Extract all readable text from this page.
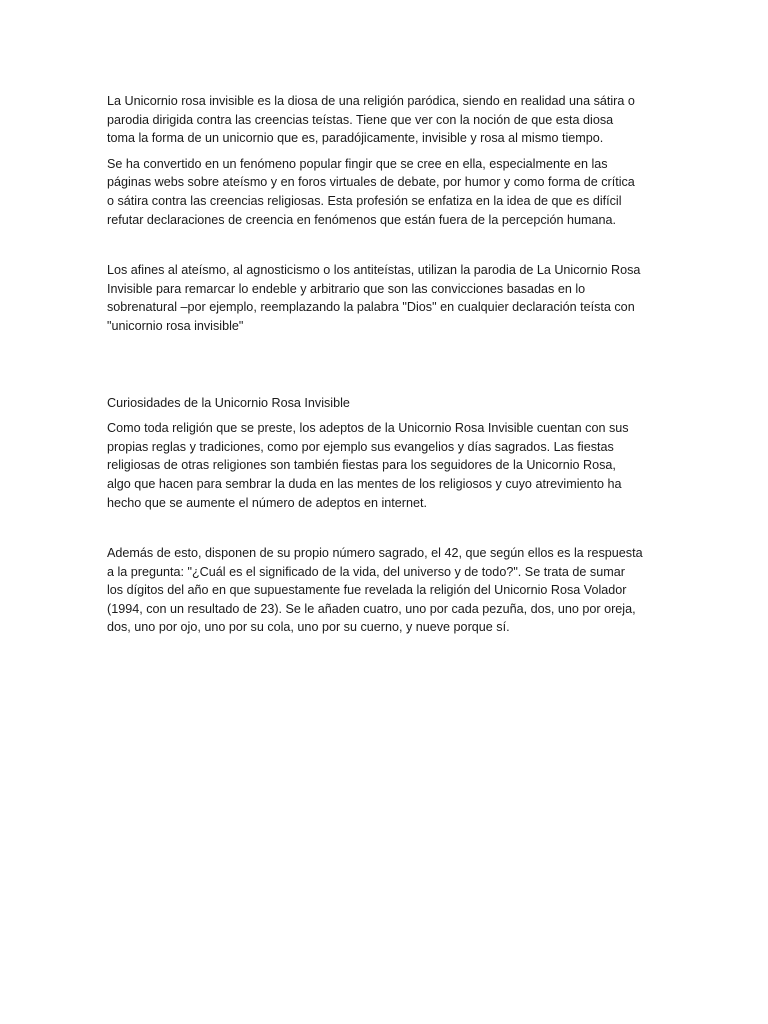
La Unicornio rosa invisible es la diosa de una religión paródica, siendo en realidad una sátira o parodia dirigida contra las creencias teístas. Tiene que ver con la noción de que esta diosa toma la forma de un unicornio que es, paradójicamente, invisible y rosa al mismo tiempo.

Se ha convertido en un fenómeno popular fingir que se cree en ella, especialmente en las páginas webs sobre ateísmo y en foros virtuales de debate, por humor y como forma de crítica o sátira contra las creencias religiosas. Esta profesión se enfatiza en la idea de que es difícil refutar declaraciones de creencia en fenómenos que están fuera de la percepción humana.

Los afines al ateísmo, al agnosticismo o los antiteístas, utilizan la parodia de La Unicornio Rosa Invisible para remarcar lo endeble y arbitrario que son las convicciones basadas en lo sobrenatural –por ejemplo, reemplazando la palabra "Dios" en cualquier declaración teísta con "unicornio rosa invisible"

Curiosidades de la Unicornio Rosa Invisible

Como toda religión que se preste, los adeptos de la Unicornio Rosa Invisible cuentan con sus propias reglas y tradiciones, como por ejemplo sus evangelios y días sagrados. Las fiestas religiosas de otras religiones son también fiestas para los seguidores de la Unicornio Rosa, algo que hacen para sembrar la duda en las mentes de los religiosos y cuyo atrevimiento ha hecho que se aumente el número de adeptos en internet.

Además de esto, disponen de su propio número sagrado, el 42, que según ellos es la respuesta a la pregunta: "¿Cuál es el significado de la vida, del universo y de todo?". Se trata de sumar los dígitos del año en que supuestamente fue revelada la religión del Unicornio Rosa Volador (1994, con un resultado de 23). Se le añaden cuatro, uno por cada pezuña, dos, uno por oreja, dos, uno por ojo, uno por su cola, uno por su cuerno, y nueve porque sí.
